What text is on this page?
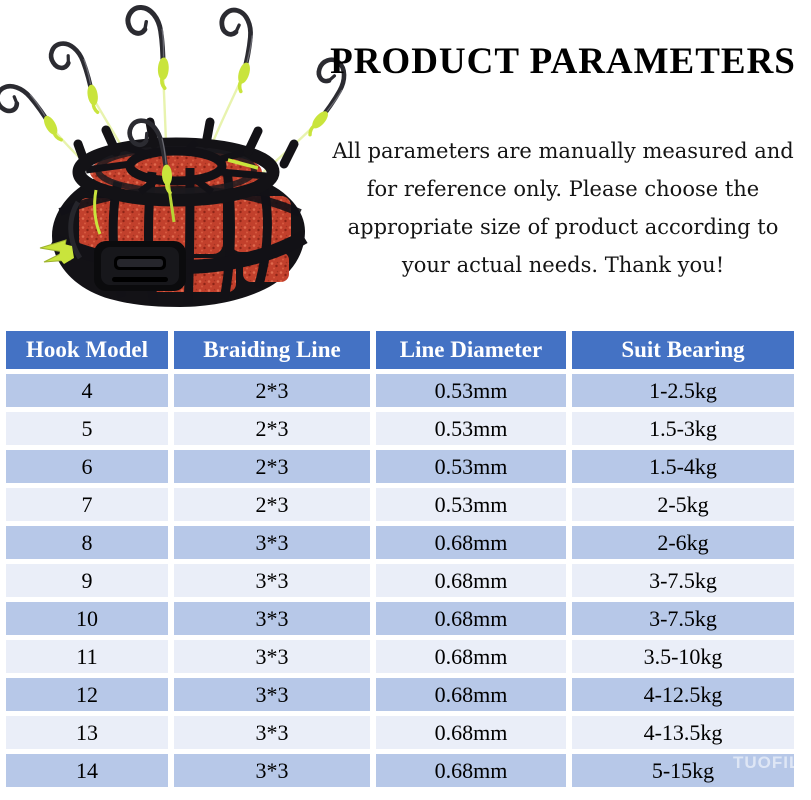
PRODUCT PARAMETERS
All parameters are manually measured and
for reference only. Please choose the
appropriate size of product according to
your actual needs. Thank you!
Hook Model	Braiding Line	Line Diameter	Suit Bearing
4	2*3	0.53mm	1-2.5kg
5	2*3	0.53mm	1.5-3kg
6	2*3	0.53mm	1.5-4kg
7	2*3	0.53mm	2-5kg
8	3*3	0.68mm	2-6kg
9	3*3	0.68mm	3-7.5kg
10	3*3	0.68mm	3-7.5kg
11	3*3	0.68mm	3.5-10kg
12	3*3	0.68mm	4-12.5kg
13	3*3	0.68mm	4-13.5kg
14	3*3	0.68mm	5-15kg TUOFILY
